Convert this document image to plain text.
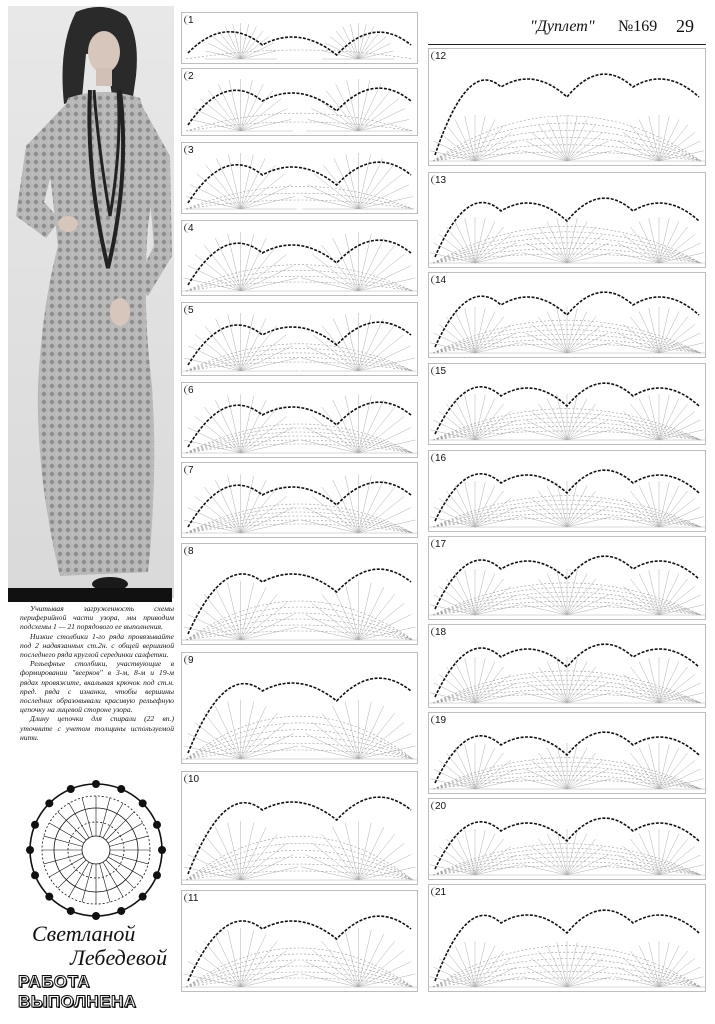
"Дуплет" №169 29

Учитывая загруженность схемы периферийной части узора, мы приводим подсхемы 1 — 21 порядового ее выполнения.

Низкие столбики 1-го ряда провязывайте под 2 надвязанных ст.2н. с общей вершиной последнего ряда круглой серединки салфетки.

Рельефные столбики, участвующие в формировании "веерков" в 3-м, 8-м и 19-м рядах провяжите, вкалывая крючок под ст.н. пред. ряда с изнанки, чтобы вершины последних образовывали красивую рельефную цепочку на лицевой стороне узора.

Длину цепочки для спирали (22 вп.) уточните с учетом толщины используемой нити.

Светланой
Лебедевой
РАБОТА ВЫПОЛНЕНА
1
2
3
4
5
6
7
8
9
10
11
12
13
14
15
16
17
18
19
20
21
